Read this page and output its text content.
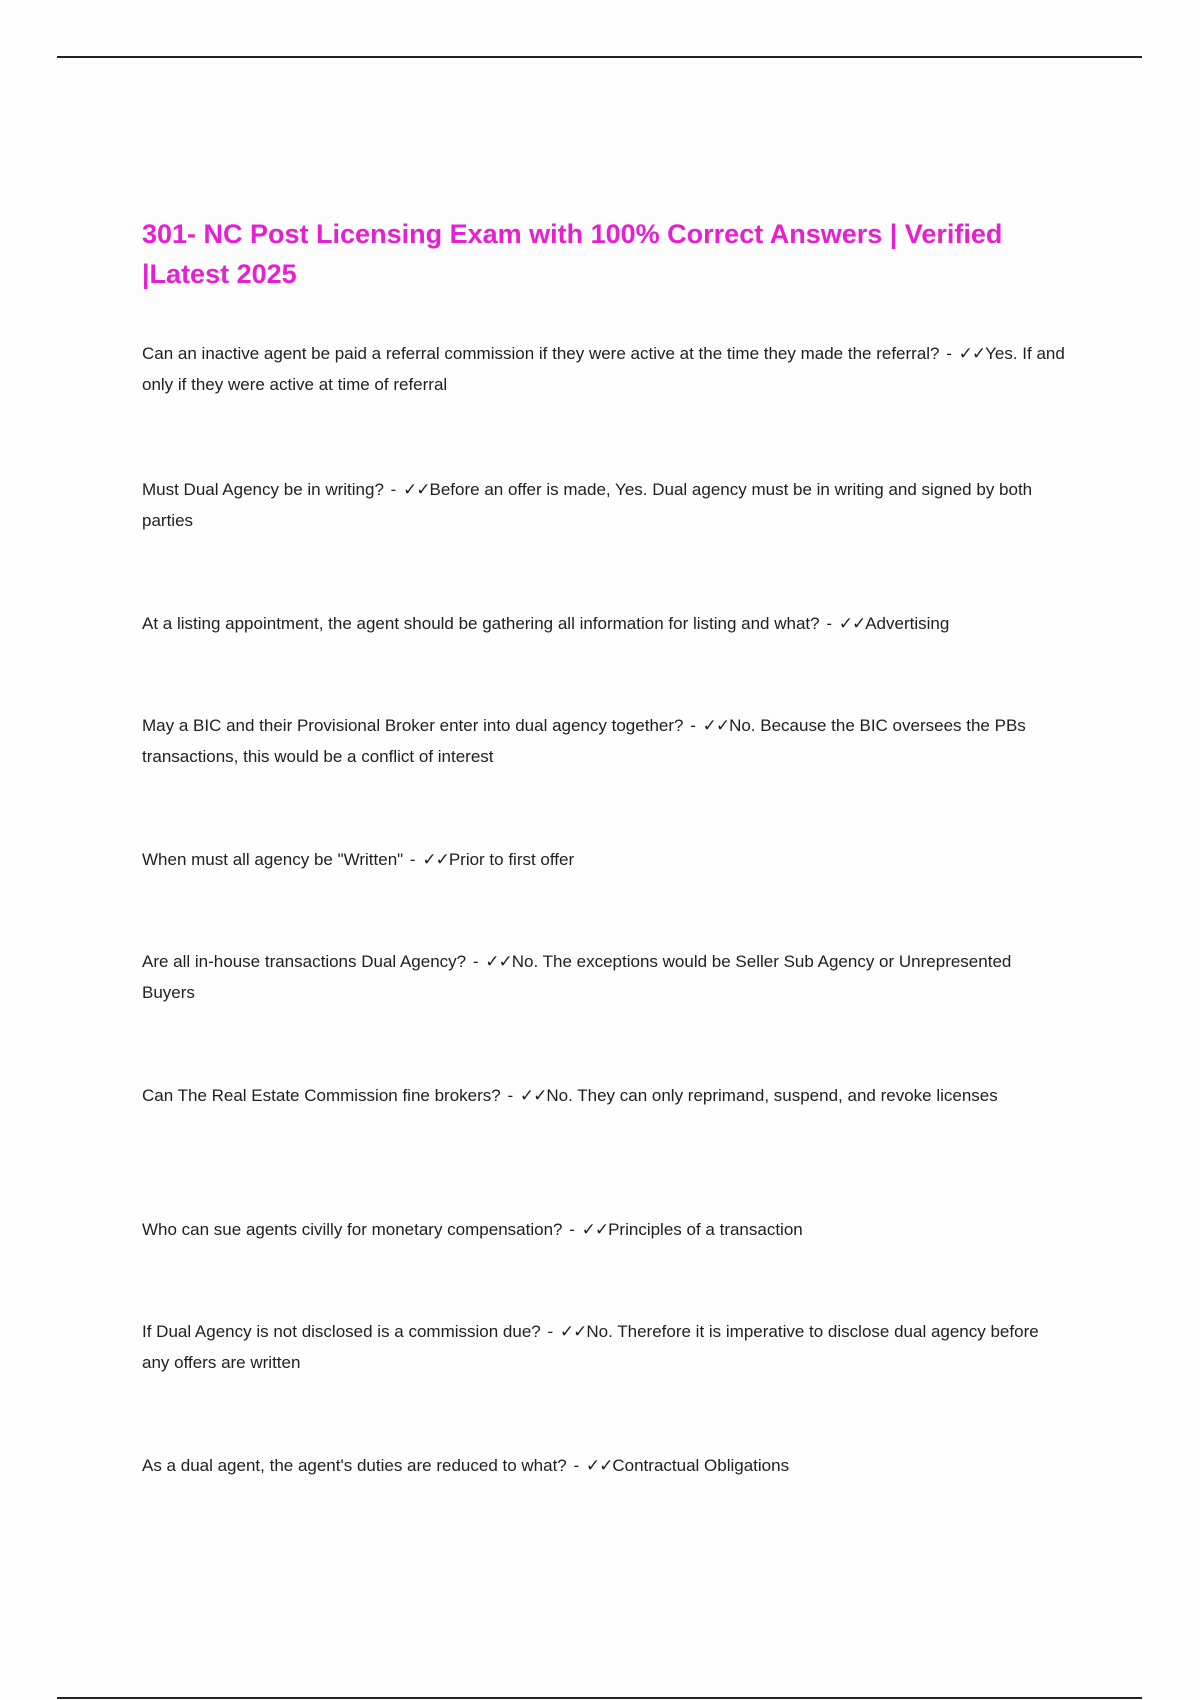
301- NC Post Licensing Exam with 100% Correct Answers | Verified |Latest 2025
Can an inactive agent be paid a referral commission if they were active at the time they made the referral? - ✓✓Yes. If and only if they were active at time of referral
Must Dual Agency be in writing? - ✓✓Before an offer is made, Yes. Dual agency must be in writing and signed by both parties
At a listing appointment, the agent should be gathering all information for listing and what? - ✓✓Advertising
May a BIC and their Provisional Broker enter into dual agency together? - ✓✓No. Because the BIC oversees the PBs transactions, this would be a conflict of interest
When must all agency be "Written" - ✓✓Prior to first offer
Are all in-house transactions Dual Agency? - ✓✓No. The exceptions would be Seller Sub Agency or Unrepresented Buyers
Can The Real Estate Commission fine brokers? - ✓✓No. They can only reprimand, suspend, and revoke licenses
Who can sue agents civilly for monetary compensation? - ✓✓Principles of a transaction
If Dual Agency is not disclosed is a commission due? - ✓✓No. Therefore it is imperative to disclose dual agency before any offers are written
As a dual agent, the agent's duties are reduced to what? - ✓✓Contractual Obligations
